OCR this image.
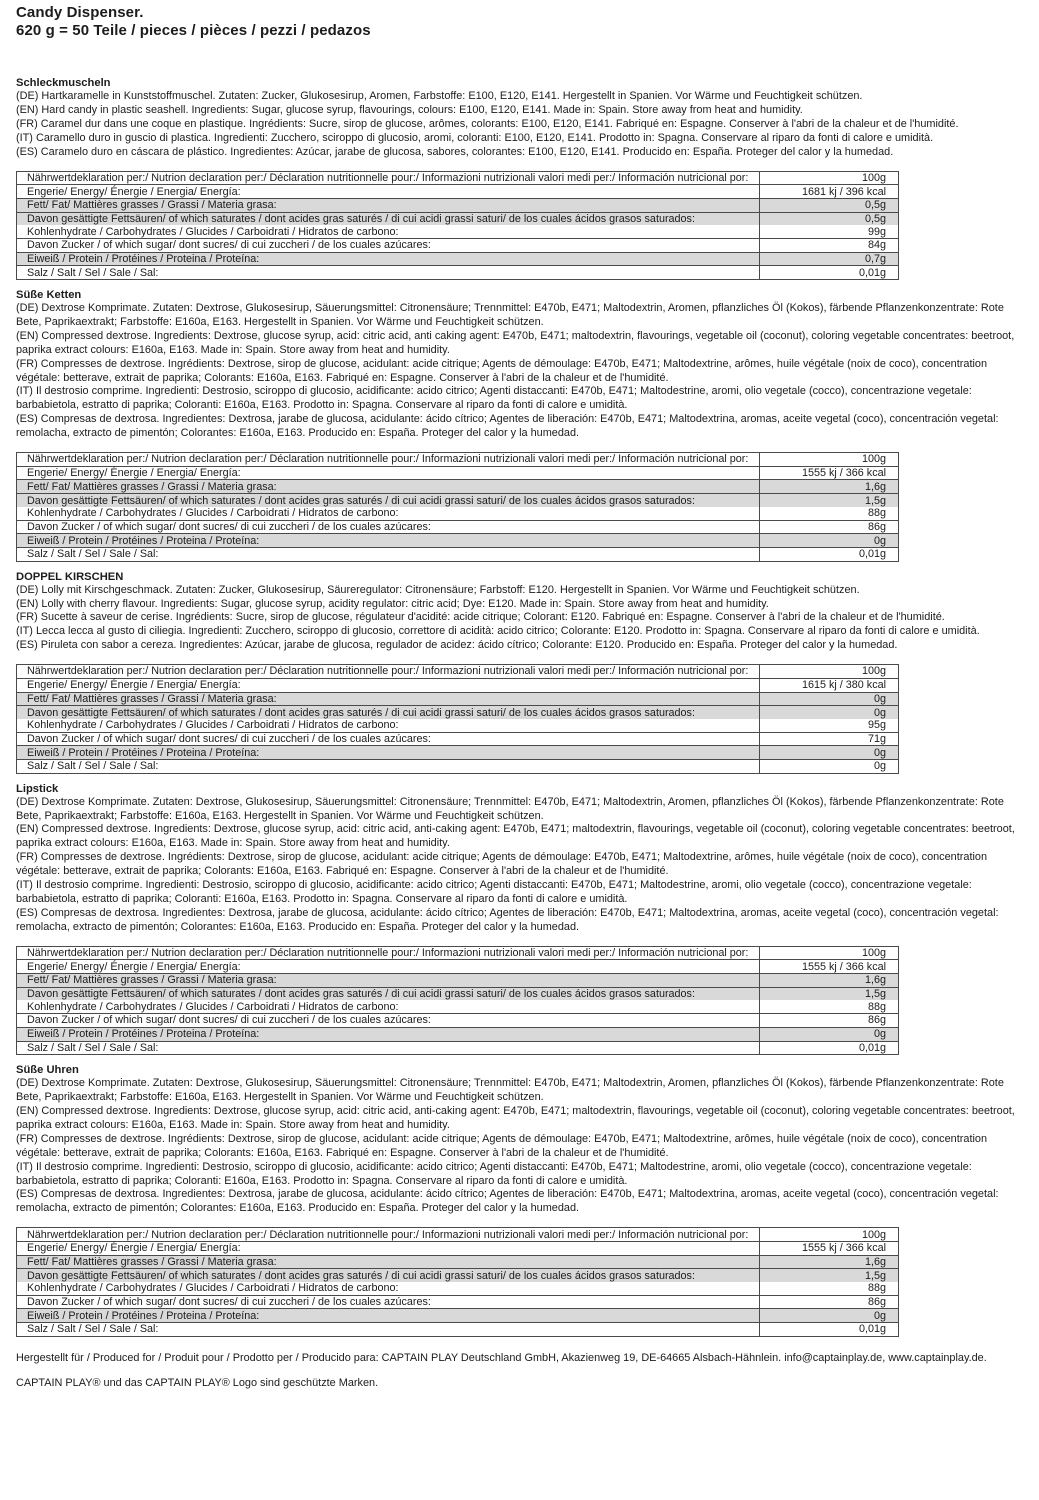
Candy Dispenser.
620 g = 50 Teile / pieces / pièces / pezzi / pedazos
Schleckmuscheln

(DE) Hartkaramelle in Kunststoffmuschel. Zutaten: Zucker, Glukosesirup, Aromen, Farbstoffe: E100, E120, E141. Hergestellt in Spanien. Vor Wärme und Feuchtigkeit schützen.

(EN) Hard candy in plastic seashell. Ingredients: Sugar, glucose syrup, flavourings, colours: E100, E120, E141. Made in: Spain. Store away from heat and humidity.

(FR) Caramel dur dans une coque en plastique. Ingrédients: Sucre, sirop de glucose, arômes, colorants: E100, E120, E141. Fabriqué en: Espagne. Conserver à l'abri de la chaleur et de l'humidité.

(IT) Caramello duro in guscio di plastica. Ingredienti: Zucchero, sciroppo di glucosio, aromi, coloranti: E100, E120, E141. Prodotto in: Spagna. Conservare al riparo da fonti di calore e umidità.

(ES) Caramelo duro en cáscara de plástico. Ingredientes: Azúcar, jarabe de glucosa, sabores, colorantes: E100, E120, E141. Producido en: España. Proteger del calor y la humedad.

Nährwertdeklaration per:/ Nutrion declaration per:/ Déclaration nutritionnelle pour:/ Informazioni nutrizionali valori medi per:/ Información nutricional por:	100g
Engerie/ Energy/ Énergie / Energia/ Energía:	1681 kj / 396 kcal
Fett/ Fat/ Mattières grasses / Grassi / Materia grasa:	0,5g
Davon gesättigte Fettsäuren/ of which saturates / dont acides gras saturés / di cui acidi grassi saturi/ de los cuales ácidos grasos saturados:	0,5g
Kohlenhydrate / Carbohydrates / Glucides / Carboidrati / Hidratos de carbono:	99g
Davon Zucker / of which sugar/ dont sucres/ di cui zuccheri / de los cuales azúcares:	84g
Eiweiß / Protein / Protéines / Proteina / Proteína:	0,7g
Salz / Salt / Sel / Sale / Sal:	0,01g
Süße Ketten

(DE) Dextrose Komprimate. Zutaten: Dextrose, Glukosesirup, Säuerungsmittel: Citronensäure; Trennmittel: E470b, E471; Maltodextrin, Aromen, pflanzliches Öl (Kokos), färbende Pflanzenkonzentrate: Rote Bete, Paprikaextrakt; Farbstoffe: E160a, E163. Hergestellt in Spanien. Vor Wärme und Feuchtigkeit schützen.

(EN) Compressed dextrose. Ingredients: Dextrose, glucose syrup, acid: citric acid, anti caking agent: E470b, E471; maltodextrin, flavourings, vegetable oil (coconut), coloring vegetable concentrates: beetroot, paprika extract colours: E160a, E163. Made in: Spain. Store away from heat and humidity.

(FR) Compresses de dextrose. Ingrédients: Dextrose, sirop de glucose, acidulant: acide citrique; Agents de démoulage: E470b, E471; Maltodextrine, arômes, huile végétale (noix de coco), concentration végétale: betterave, extrait de paprika; Colorants: E160a, E163. Fabriqué en: Espagne. Conserver à l'abri de la chaleur et de l'humidité.

(IT) Il destrosio comprime. Ingredienti: Destrosio, sciroppo di glucosio, acidificante: acido citrico; Agenti distaccanti: E470b, E471; Maltodestrine, aromi, olio vegetale (cocco), concentrazione vegetale: barbabietola, estratto di paprika; Coloranti: E160a, E163. Prodotto in: Spagna. Conservare al riparo da fonti di calore e umidità.

(ES) Compresas de dextrosa. Ingredientes: Dextrosa, jarabe de glucosa, acidulante: ácido cítrico; Agentes de liberación: E470b, E471; Maltodextrina, aromas, aceite vegetal (coco), concentración vegetal: remolacha, extracto de pimentón; Colorantes: E160a, E163. Producido en: España. Proteger del calor y la humedad.

Nährwertdeklaration per:/ Nutrion declaration per:/ Déclaration nutritionnelle pour:/ Informazioni nutrizionali valori medi per:/ Información nutricional por:	100g
Engerie/ Energy/ Énergie / Energia/ Energía:	1555 kj / 366 kcal
Fett/ Fat/ Mattières grasses / Grassi / Materia grasa:	1,6g
Davon gesättigte Fettsäuren/ of which saturates / dont acides gras saturés / di cui acidi grassi saturi/ de los cuales ácidos grasos saturados:	1,5g
Kohlenhydrate / Carbohydrates / Glucides / Carboidrati / Hidratos de carbono:	88g
Davon Zucker / of which sugar/ dont sucres/ di cui zuccheri / de los cuales azúcares:	86g
Eiweiß / Protein / Protéines / Proteina / Proteína:	0g
Salz / Salt / Sel / Sale / Sal:	0,01g
DOPPEL KIRSCHEN

(DE) Lolly mit Kirschgeschmack. Zutaten: Zucker, Glukosesirup, Säureregulator: Citronensäure; Farbstoff: E120. Hergestellt in Spanien. Vor Wärme und Feuchtigkeit schützen.

(EN) Lolly with cherry flavour. Ingredients: Sugar, glucose syrup, acidity regulator: citric acid; Dye: E120. Made in: Spain. Store away from heat and humidity.

(FR) Sucette à saveur de cerise. Ingrédients: Sucre, sirop de glucose, régulateur d'acidité: acide citrique; Colorant: E120. Fabriqué en: Espagne. Conserver à l'abri de la chaleur et de l'humidité.

(IT) Lecca lecca al gusto di ciliegia. Ingredienti: Zucchero, sciroppo di glucosio, correttore di acidità: acido citrico; Colorante: E120. Prodotto in: Spagna. Conservare al riparo da fonti di calore e umidità.

(ES) Piruleta con sabor a cereza. Ingredientes: Azúcar, jarabe de glucosa, regulador de acidez: ácido cítrico; Colorante: E120. Producido en: España. Proteger del calor y la humedad.

Nährwertdeklaration per:/ Nutrion declaration per:/ Déclaration nutritionnelle pour:/ Informazioni nutrizionali valori medi per:/ Información nutricional por:	100g
Engerie/ Energy/ Énergie / Energia/ Energía:	1615 kj / 380 kcal
Fett/ Fat/ Mattières grasses / Grassi / Materia grasa:	0g
Davon gesättigte Fettsäuren/ of which saturates / dont acides gras saturés / di cui acidi grassi saturi/ de los cuales ácidos grasos saturados:	0g
Kohlenhydrate / Carbohydrates / Glucides / Carboidrati / Hidratos de carbono:	95g
Davon Zucker / of which sugar/ dont sucres/ di cui zuccheri / de los cuales azúcares:	71g
Eiweiß / Protein / Protéines / Proteina / Proteína:	0g
Salz / Salt / Sel / Sale / Sal:	0g
Lipstick

(DE) Dextrose Komprimate. Zutaten: Dextrose, Glukosesirup, Säuerungsmittel: Citronensäure; Trennmittel: E470b, E471; Maltodextrin, Aromen, pflanzliches Öl (Kokos), färbende Pflanzenkonzentrate: Rote Bete, Paprikaextrakt; Farbstoffe: E160a, E163. Hergestellt in Spanien. Vor Wärme und Feuchtigkeit schützen.

(EN) Compressed dextrose. Ingredients: Dextrose, glucose syrup, acid: citric acid, anti-caking agent: E470b, E471; maltodextrin, flavourings, vegetable oil (coconut), coloring vegetable concentrates: beetroot, paprika extract colours: E160a, E163. Made in: Spain. Store away from heat and humidity.

(FR) Compresses de dextrose. Ingrédients: Dextrose, sirop de glucose, acidulant: acide citrique; Agents de démoulage: E470b, E471; Maltodextrine, arômes, huile végétale (noix de coco), concentration végétale: betterave, extrait de paprika; Colorants: E160a, E163. Fabriqué en: Espagne. Conserver à l'abri de la chaleur et de l'humidité.

(IT) Il destrosio comprime. Ingredienti: Destrosio, sciroppo di glucosio, acidificante: acido citrico; Agenti distaccanti: E470b, E471; Maltodestrine, aromi, olio vegetale (cocco), concentrazione vegetale: barbabietola, estratto di paprika; Coloranti: E160a, E163. Prodotto in: Spagna. Conservare al riparo da fonti di calore e umidità.

(ES) Compresas de dextrosa. Ingredientes: Dextrosa, jarabe de glucosa, acidulante: ácido cítrico; Agentes de liberación: E470b, E471; Maltodextrina, aromas, aceite vegetal (coco), concentración vegetal: remolacha, extracto de pimentón; Colorantes: E160a, E163. Producido en: España. Proteger del calor y la humedad.

Nährwertdeklaration per:/ Nutrion declaration per:/ Déclaration nutritionnelle pour:/ Informazioni nutrizionali valori medi per:/ Información nutricional por:	100g
Engerie/ Energy/ Énergie / Energia/ Energía:	1555 kj / 366 kcal
Fett/ Fat/ Mattières grasses / Grassi / Materia grasa:	1,6g
Davon gesättigte Fettsäuren/ of which saturates / dont acides gras saturés / di cui acidi grassi saturi/ de los cuales ácidos grasos saturados:	1,5g
Kohlenhydrate / Carbohydrates / Glucides / Carboidrati / Hidratos de carbono:	88g
Davon Zucker / of which sugar/ dont sucres/ di cui zuccheri / de los cuales azúcares:	86g
Eiweiß / Protein / Protéines / Proteina / Proteína:	0g
Salz / Salt / Sel / Sale / Sal:	0,01g
Süße Uhren

(DE) Dextrose Komprimate. Zutaten: Dextrose, Glukosesirup, Säuerungsmittel: Citronensäure; Trennmittel: E470b, E471; Maltodextrin, Aromen, pflanzliches Öl (Kokos), färbende Pflanzenkonzentrate: Rote Bete, Paprikaextrakt; Farbstoffe: E160a, E163. Hergestellt in Spanien. Vor Wärme und Feuchtigkeit schützen.

(EN) Compressed dextrose. Ingredients: Dextrose, glucose syrup, acid: citric acid, anti-caking agent: E470b, E471; maltodextrin, flavourings, vegetable oil (coconut), coloring vegetable concentrates: beetroot, paprika extract colours: E160a, E163. Made in: Spain. Store away from heat and humidity.

(FR) Compresses de dextrose. Ingrédients: Dextrose, sirop de glucose, acidulant: acide citrique; Agents de démoulage: E470b, E471; Maltodextrine, arômes, huile végétale (noix de coco), concentration végétale: betterave, extrait de paprika; Colorants: E160a, E163. Fabriqué en: Espagne. Conserver à l'abri de la chaleur et de l'humidité.

(IT) Il destrosio comprime. Ingredienti: Destrosio, sciroppo di glucosio, acidificante: acido citrico; Agenti distaccanti: E470b, E471; Maltodestrine, aromi, olio vegetale (cocco), concentrazione vegetale: barbabietola, estratto di paprika; Coloranti: E160a, E163. Prodotto in: Spagna. Conservare al riparo da fonti di calore e umidità.

(ES) Compresas de dextrosa. Ingredientes: Dextrosa, jarabe de glucosa, acidulante: ácido cítrico; Agentes de liberación: E470b, E471; Maltodextrina, aromas, aceite vegetal (coco), concentración vegetal: remolacha, extracto de pimentón; Colorantes: E160a, E163. Producido en: España. Proteger del calor y la humedad.

Nährwertdeklaration per:/ Nutrion declaration per:/ Déclaration nutritionnelle pour:/ Informazioni nutrizionali valori medi per:/ Información nutricional por:	100g
Engerie/ Energy/ Énergie / Energia/ Energía:	1555 kj / 366 kcal
Fett/ Fat/ Mattières grasses / Grassi / Materia grasa:	1,6g
Davon gesättigte Fettsäuren/ of which saturates / dont acides gras saturés / di cui acidi grassi saturi/ de los cuales ácidos grasos saturados:	1,5g
Kohlenhydrate / Carbohydrates / Glucides / Carboidrati / Hidratos de carbono:	88g
Davon Zucker / of which sugar/ dont sucres/ di cui zuccheri / de los cuales azúcares:	86g
Eiweiß / Protein / Protéines / Proteina / Proteína:	0g
Salz / Salt / Sel / Sale / Sal:	0,01g

Hergestellt für / Produced for / Produit pour / Prodotto per / Producido para: CAPTAIN PLAY Deutschland GmbH, Akazienweg 19, DE-64665 Alsbach-Hähnlein. info@captainplay.de, www.captainplay.de.

CAPTAIN PLAY® und das CAPTAIN PLAY® Logo sind geschützte Marken.
